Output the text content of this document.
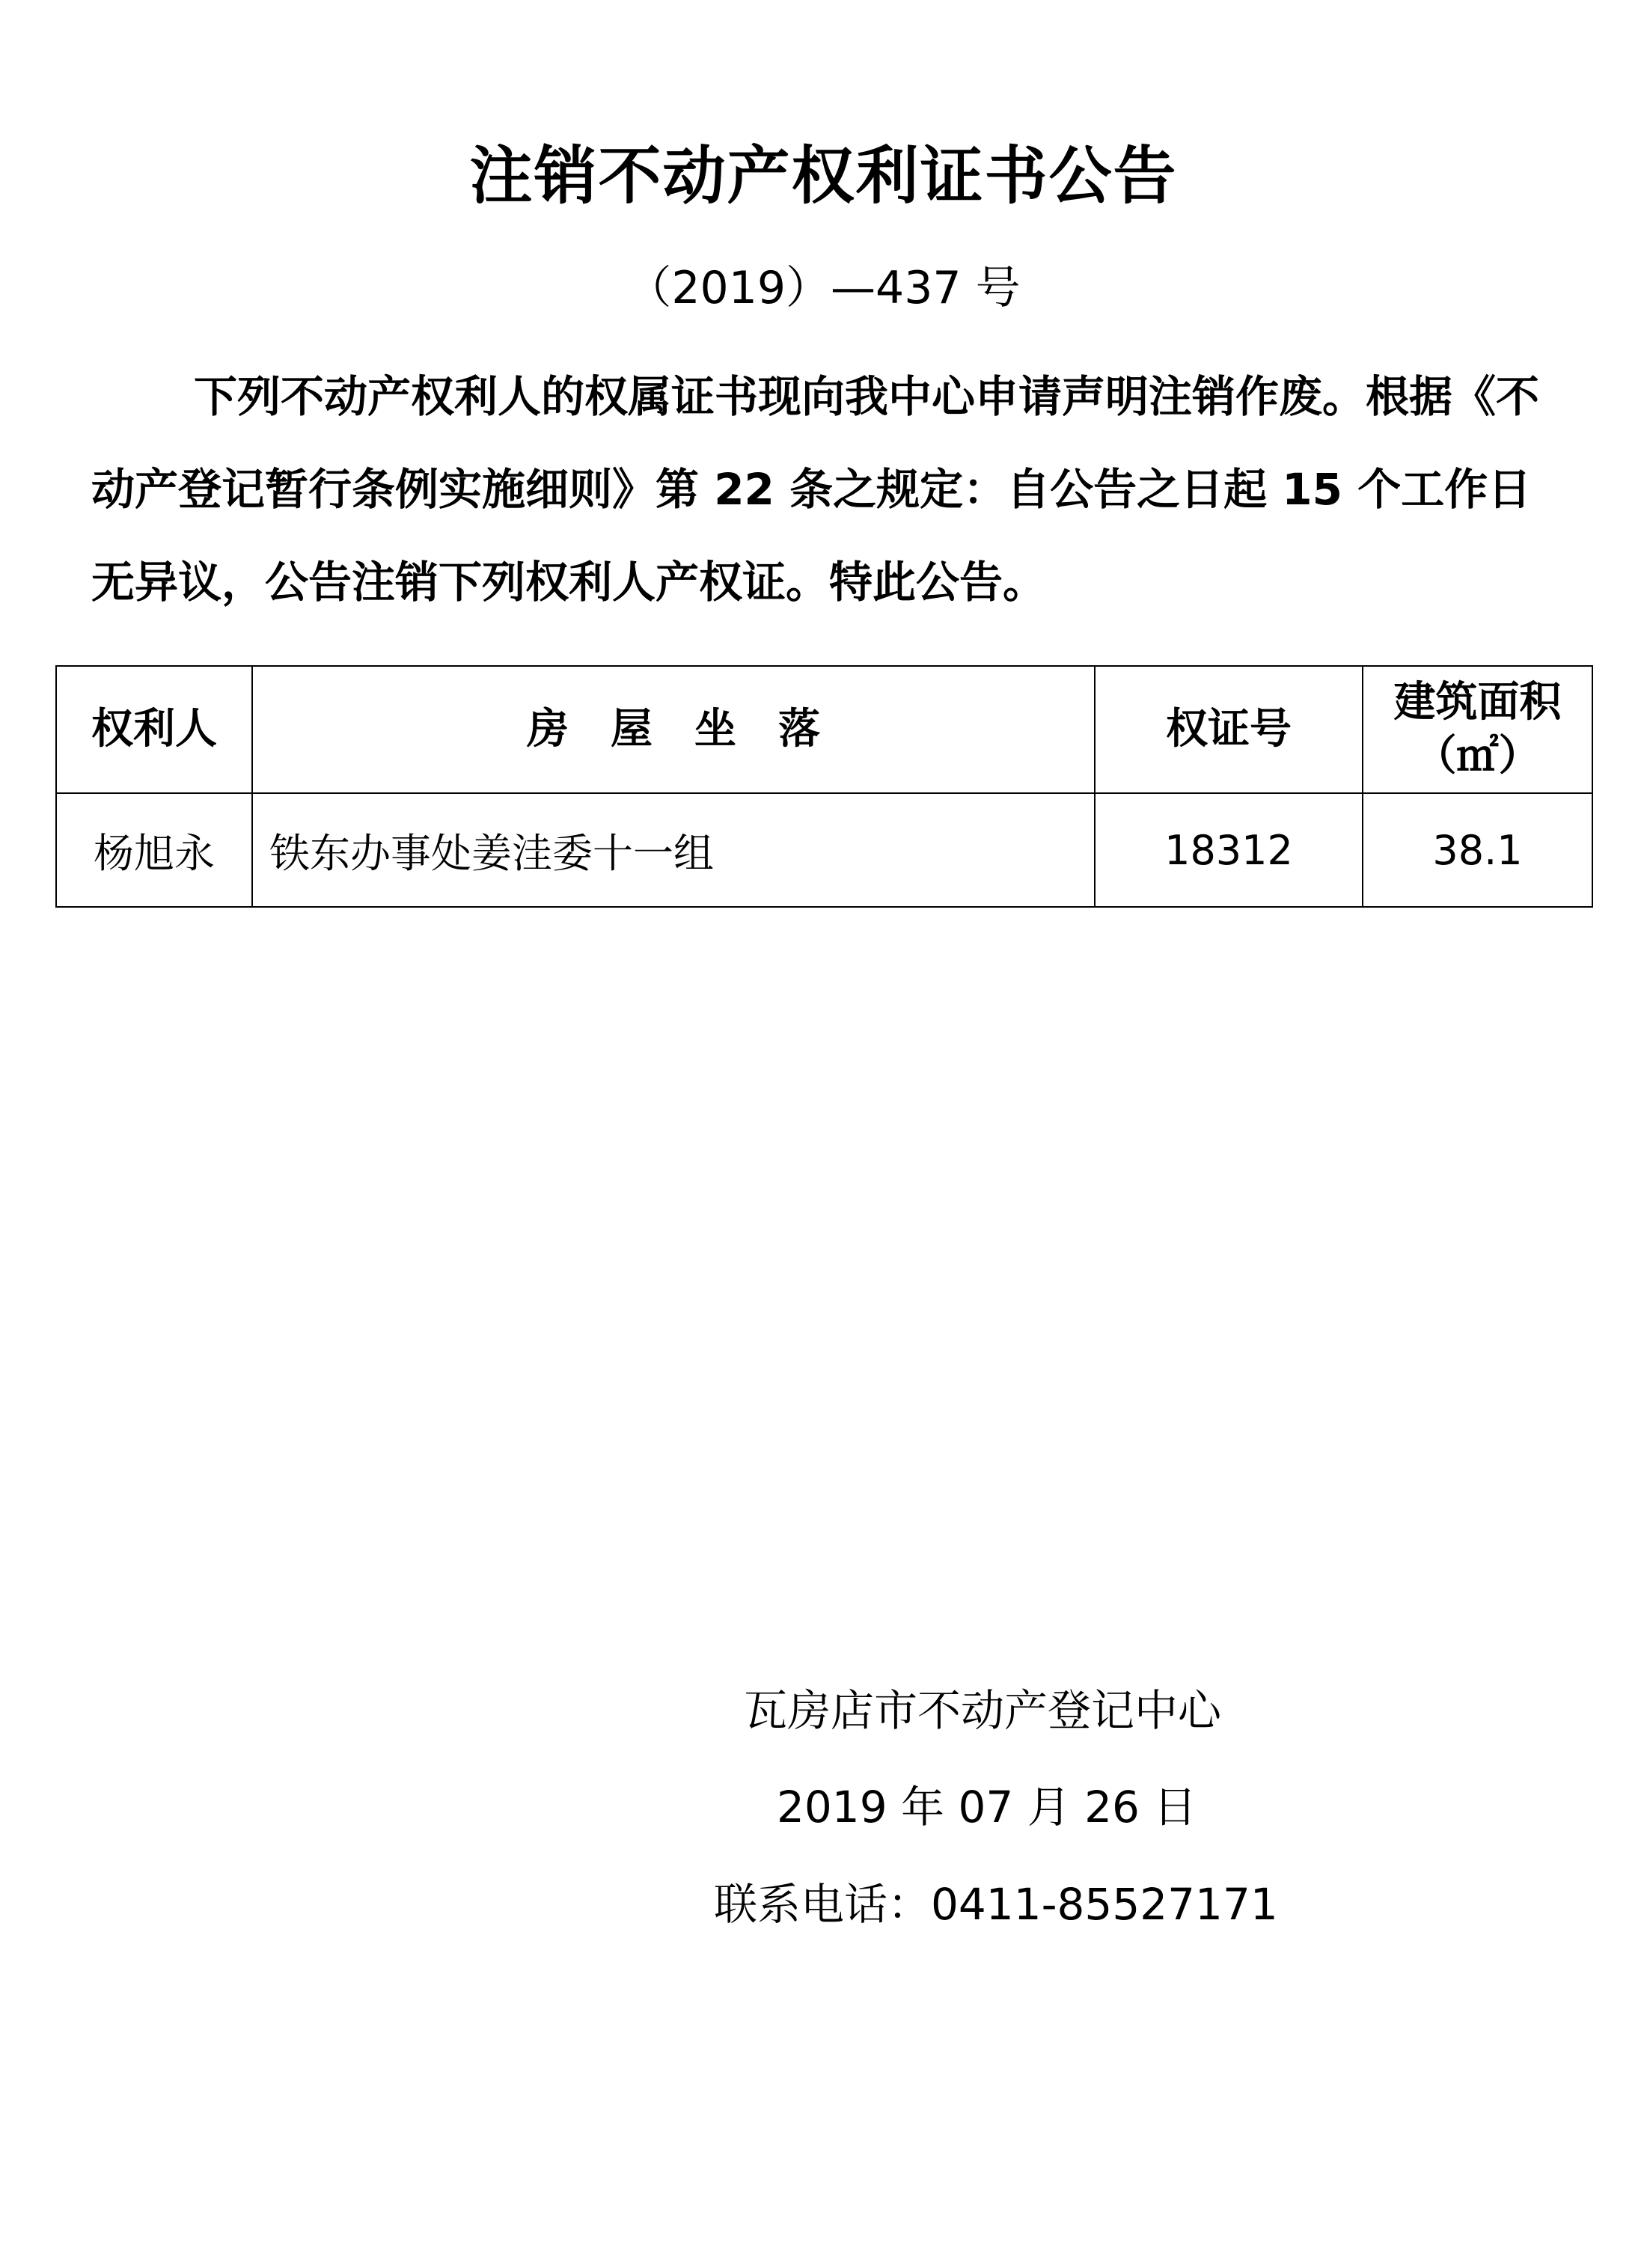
注销不动产权利证书公告
（2019）—437 号
下列不动产权利人的权属证书现向我中心申请声明注销作废。根据《不动产登记暂行条例实施细则》第 22 条之规定：自公告之日起 15 个工作日无异议，公告注销下列权利人产权证。特此公告。
权利人	房　屋　坐　落	权证号	建筑面积
（㎡）

杨旭永	铁东办事处姜洼委十一组	18312	38.1
瓦房店市不动产登记中心
2019 年 07 月 26 日
联系电话：0411-85527171
